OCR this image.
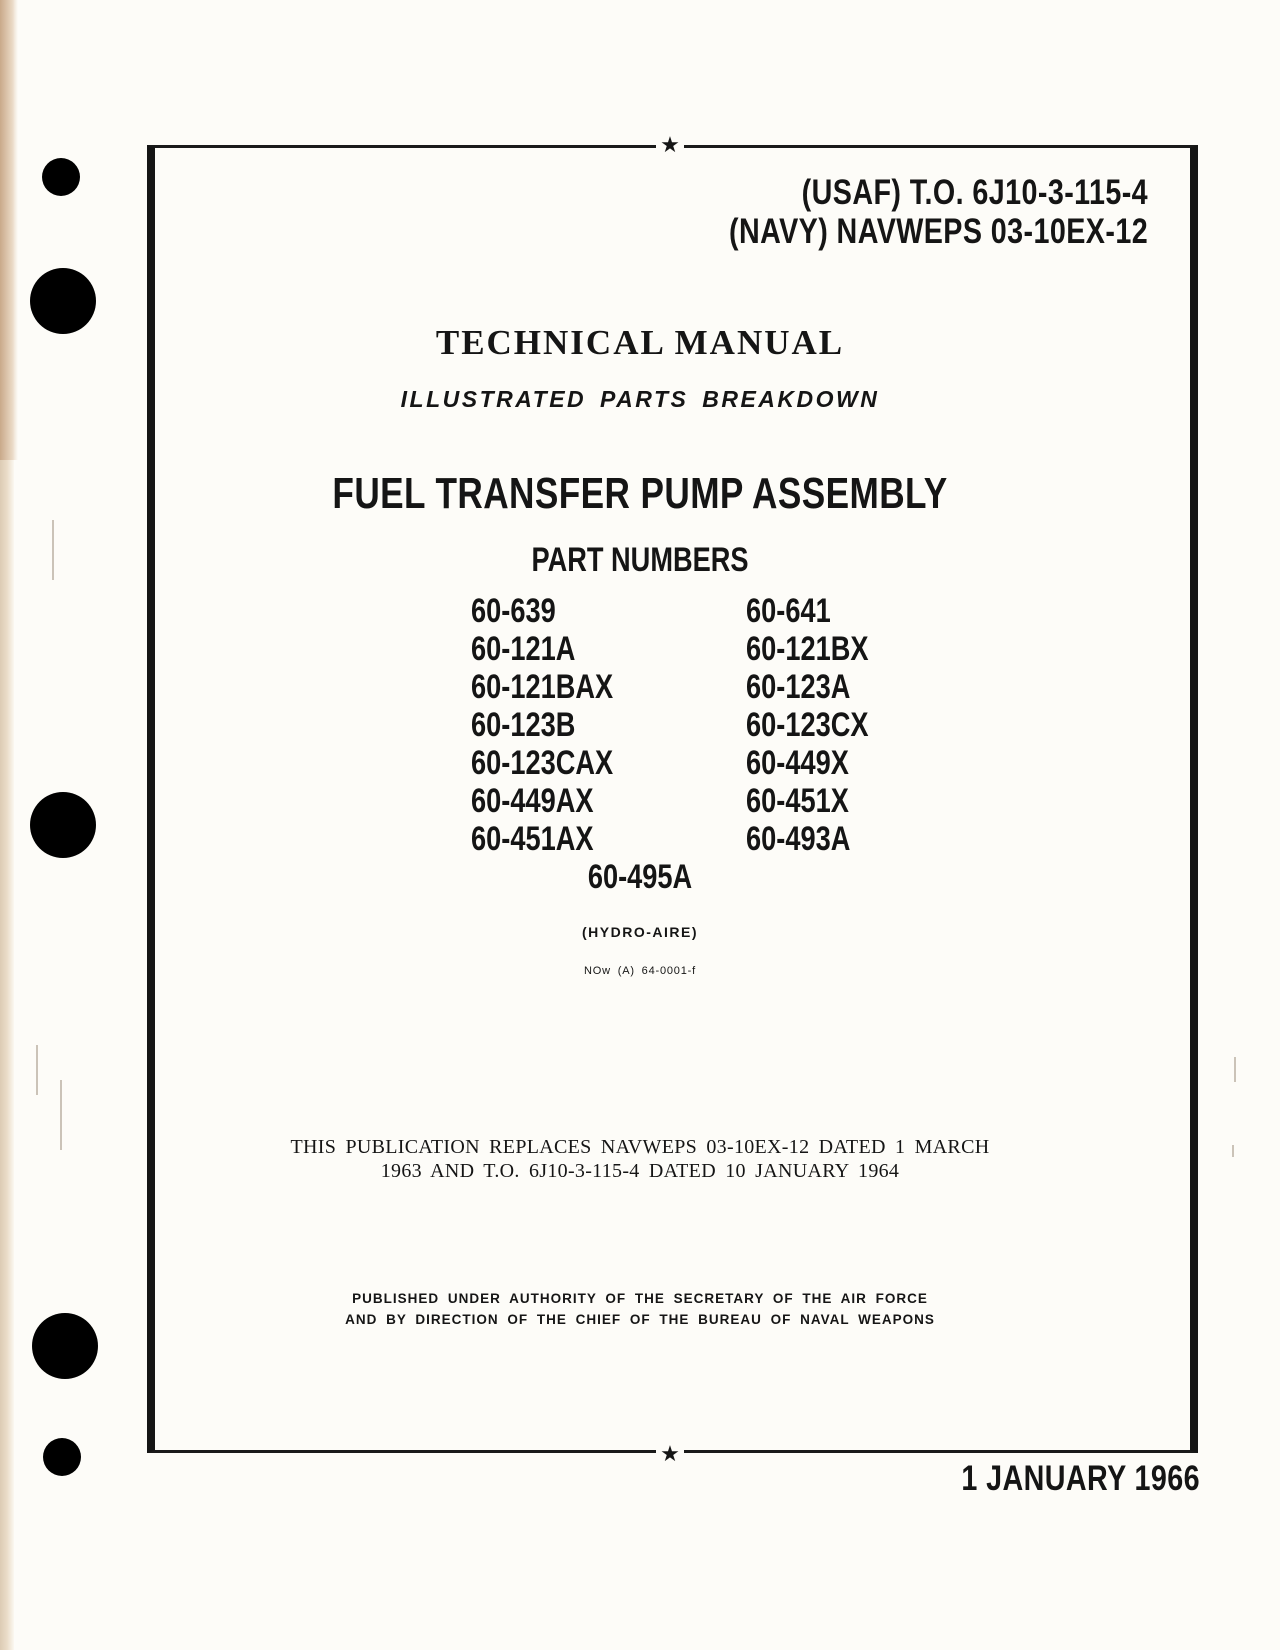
★
★
(USAF) T.O. 6J10-3-115-4
(NAVY) NAVWEPS 03-10EX-12
TECHNICAL MANUAL
ILLUSTRATED PARTS BREAKDOWN
FUEL TRANSFER PUMP ASSEMBLY
PART NUMBERS
60-639
60-121A
60-121BAX
60-123B
60-123CAX
60-449AX
60-451AX
60-641
60-121BX
60-123A
60-123CX
60-449X
60-451X
60-493A
60-495A
(HYDRO-AIRE)
NOw (A) 64-0001-f
THIS PUBLICATION REPLACES NAVWEPS 03-10EX-12 DATED 1 MARCH
1963 AND T.O. 6J10-3-115-4 DATED 10 JANUARY 1964
PUBLISHED UNDER AUTHORITY OF THE SECRETARY OF THE AIR FORCE
AND BY DIRECTION OF THE CHIEF OF THE BUREAU OF NAVAL WEAPONS
1 JANUARY 1966
